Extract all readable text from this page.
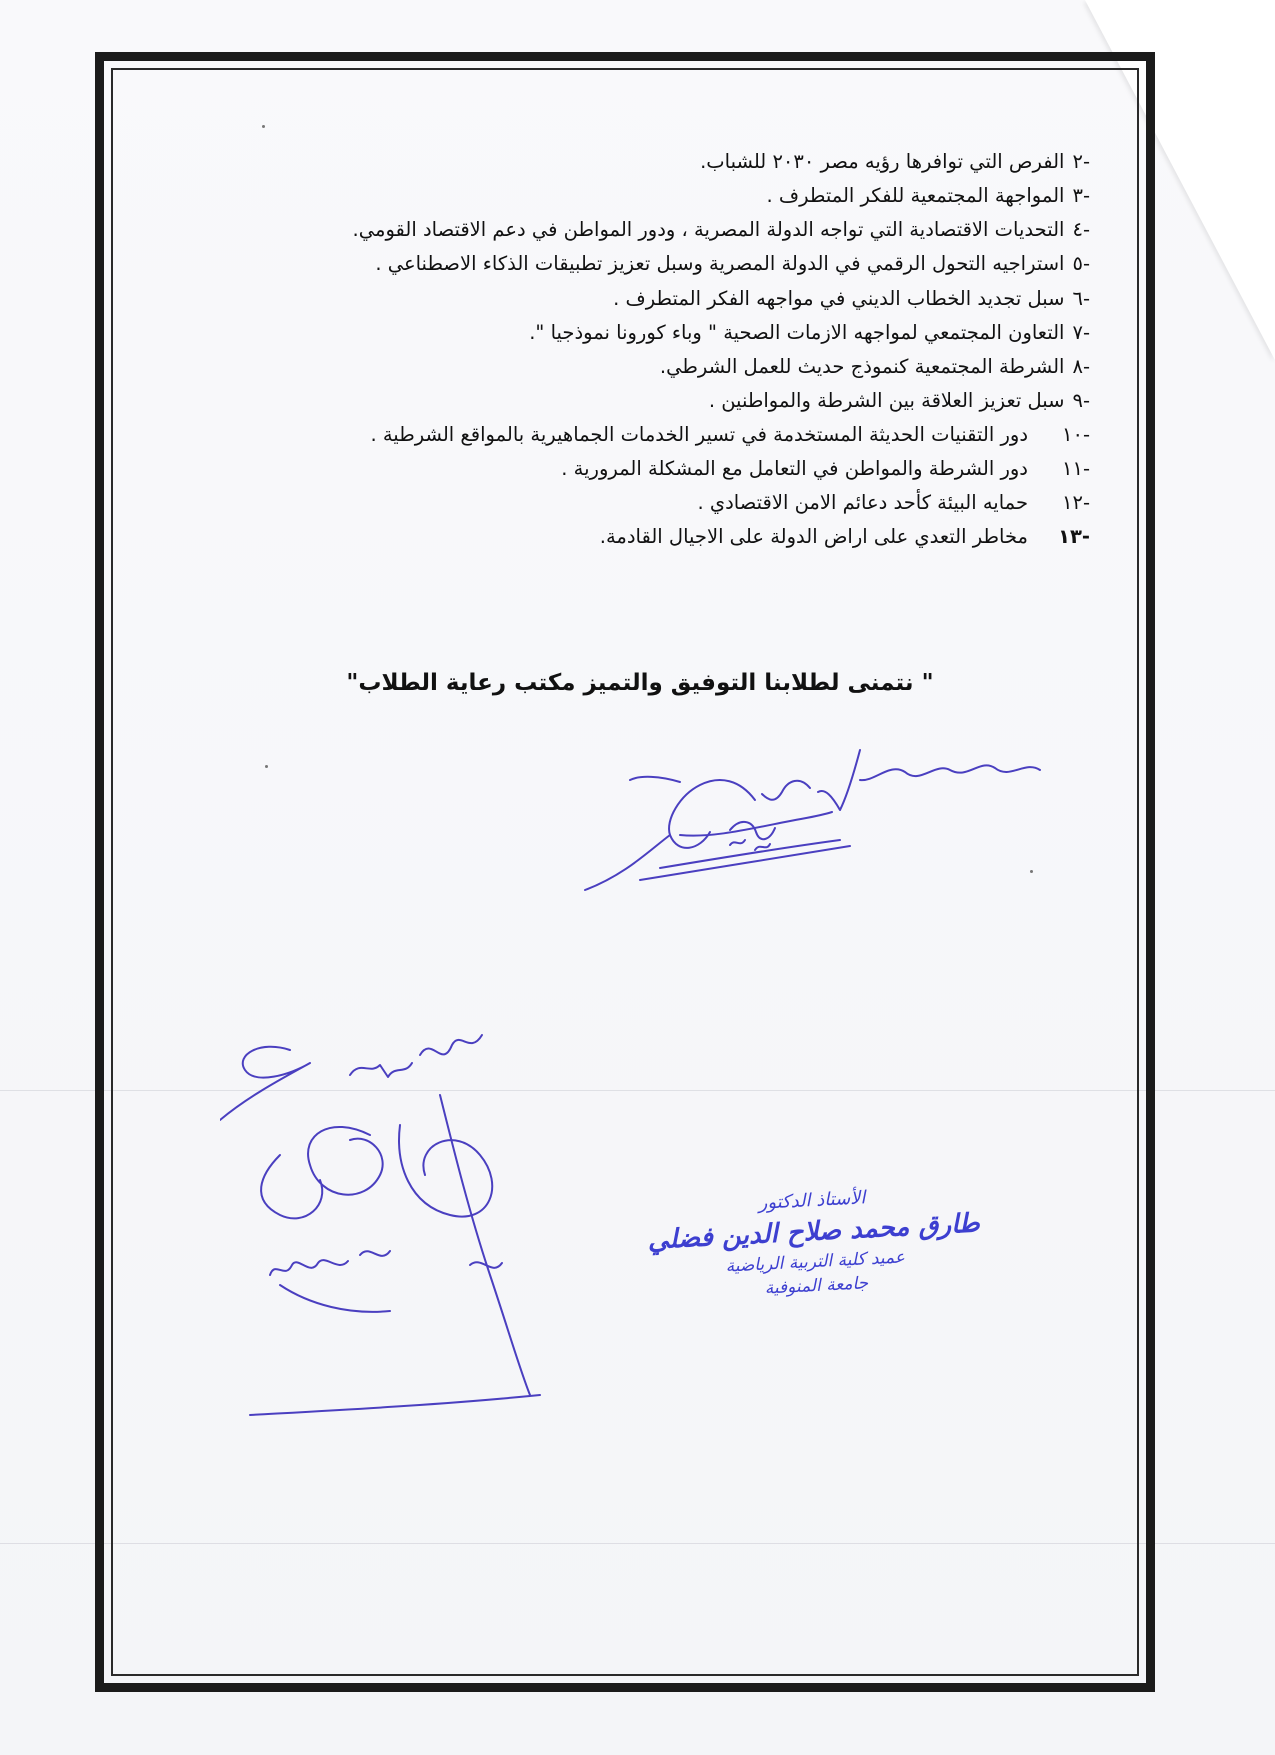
-٢
الفرص التي توافرها رؤيه مصر ٢٠٣٠ للشباب.
-٣
المواجهة المجتمعية للفكر المتطرف .
-٤
التحديات الاقتصادية التي تواجه الدولة المصرية ، ودور المواطن في دعم الاقتصاد القومي.
-٥
استراجيه التحول الرقمي في الدولة المصرية وسبل تعزيز تطبيقات الذكاء الاصطناعي .
-٦
سبل تجديد الخطاب الديني في مواجهه الفكر المتطرف .
-٧
التعاون المجتمعي لمواجهه الازمات الصحية " وباء كورونا نموذجيا ".
-٨
الشرطة المجتمعية كنموذج حديث للعمل الشرطي.
-٩
سبل تعزيز العلاقة بين الشرطة والمواطنين .
-١٠
دور التقنيات الحديثة المستخدمة في تسير الخدمات الجماهيرية بالمواقع الشرطية .
-١١
دور الشرطة والمواطن في التعامل مع المشكلة المرورية .
-١٢
حمايه البيئة كأحد دعائم الامن الاقتصادي .
-١٣
مخاطر التعدي على اراض الدولة على الاجيال القادمة.
" نتمنى لطلابنا التوفيق والتميز مكتب رعاية الطلاب"
الأستاذ الدكتور
طارق محمد صلاح الدين فضلي
عميد كلية التربية الرياضية
جامعة المنوفية
